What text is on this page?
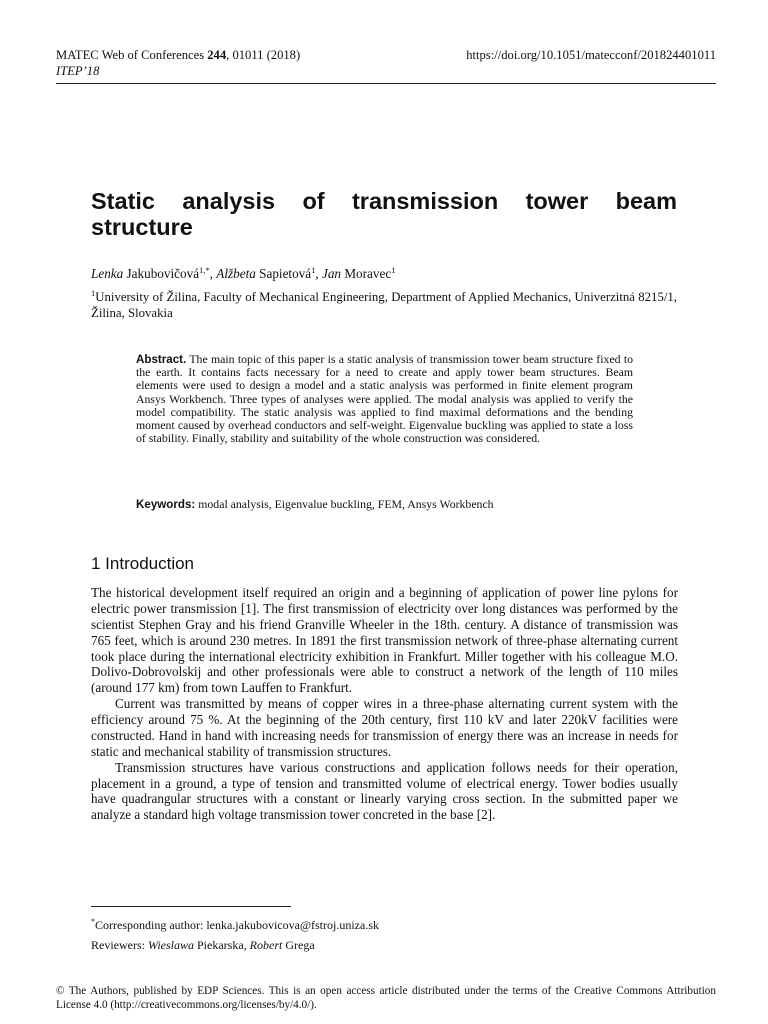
MATEC Web of Conferences 244, 01011 (2018)	https://doi.org/10.1051/matecconf/201824401011
ITEP’18
Static analysis of transmission tower beam
structure
Lenka Jakubovičová$^{1,*}$, Alžbeta Sapietová$^1$, Jan Moravec$^1$
$^1$University of Žilina, Faculty of Mechanical Engineering, Department of Applied Mechanics, Univerzitná 8215/1, Žilina, Slovakia
Abstract. The main topic of this paper is a static analysis of transmission tower beam structure fixed to the earth. It contains facts necessary for a need to create and apply tower beam structures. Beam elements were used to design a model and a static analysis was performed in finite element program Ansys Workbench. Three types of analyses were applied. The modal analysis was applied to verify the model compatibility. The static analysis was applied to find maximal deformations and the bending moment caused by overhead conductors and self-weight. Eigenvalue buckling was applied to state a loss of stability. Finally, stability and suitability of the whole construction was considered.
Keywords: modal analysis, Eigenvalue buckling, FEM, Ansys Workbench
1 Introduction

The historical development itself required an origin and a beginning of application of power line pylons for electric power transmission [1]. The first transmission of electricity over long distances was performed by the scientist Stephen Gray and his friend Granville Wheeler in the 18th. century. A distance of transmission was 765 feet, which is around 230 metres. In 1891 the first transmission network of three-phase alternating current took place during the international electricity exhibition in Frankfurt. Miller together with his colleague M.O. Dolivo-Dobrovolskij and other professionals were able to construct a network of the length of 110 miles (around 177 km) from town Lauffen to Frankfurt.

Current was transmitted by means of copper wires in a three-phase alternating current system with the efficiency around 75 %. At the beginning of the 20th century, first 110 kV and later 220kV facilities were constructed. Hand in hand with increasing needs for transmission of energy there was an increase in needs for static and mechanical stability of transmission structures.

Transmission structures have various constructions and application follows needs for their operation, placement in a ground, a type of tension and transmitted volume of electrical energy. Tower bodies usually have quadrangular structures with a constant or linearly varying cross section. In the submitted paper we analyze a standard high voltage transmission tower concreted in the base [2].

*Corresponding author: lenka.jakubovicova@fstroj.uniza.sk
Reviewers: Wieslawa Piekarska, Robert Grega
© The Authors, published by EDP Sciences. This is an open access article distributed under the terms of the Creative Commons Attribution License 4.0 (http://creativecommons.org/licenses/by/4.0/).
